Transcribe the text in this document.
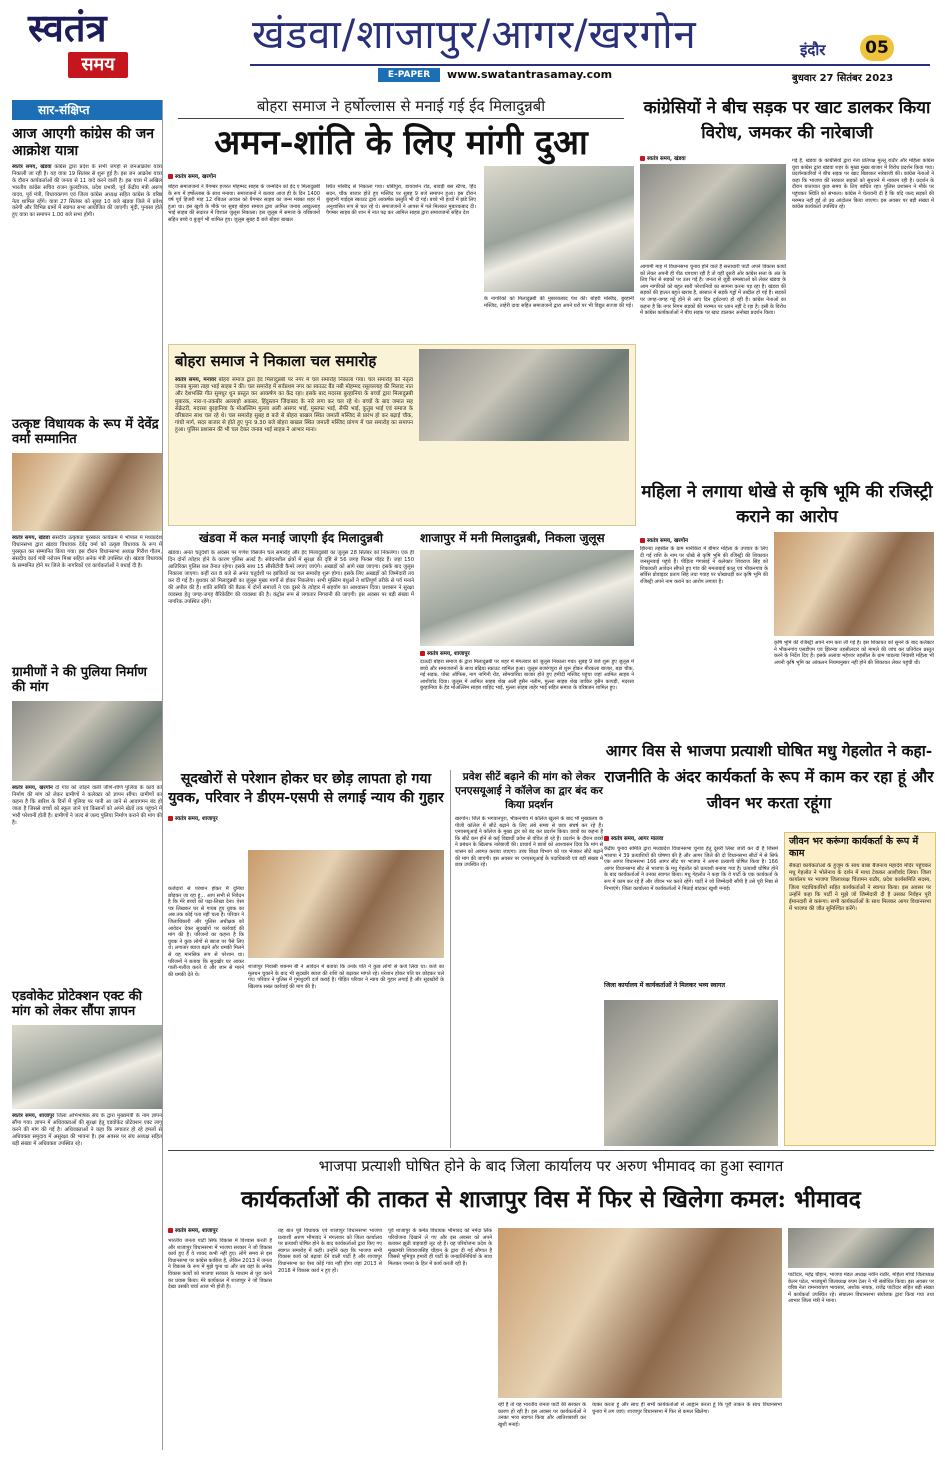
स्वतंत्र
समय
खंडवा/शाजापुर/आगर/खरगोन
E-PAPER	www.swatantrasamay.com
इंदौर	05
बुधवार 27 सितंबर 2023
सार-संक्षिप्त
आज आएगी कांग्रेस की जन आक्रोश यात्रा
स्वतंत्र समय, खंडवा कांग्रेस द्वारा प्रदेश के सभी जगहों से जनआक्रोश यात्रा निकाली जा रही है। यह यात्रा 19 सितंबर से शुरू हुई है। इस जन आक्रोश यात्रा के दौरान कार्यकर्ताओं की जनता से 11 वादे करने वाली है। इस यात्रा में अखिल भारतीय कांग्रेस सचिव राजन कुलदीपक, प्रदेश प्रभारी, पूर्व केंद्रीय मंत्री अरुण यादव, पूर्व मंत्री, विधायकगण एवं जिला कांग्रेस अध्यक्ष सहित कांग्रेस के वरिष्ठ नेता शामिल रहेंगे। यात्रा 27 सितंबर को सुबह 10 बजे खंडवा जिले में प्रवेश करेगी और विभिन्न ग्रामों में स्वागत सभा आयोजित की जाएगी। मूंदी, पुनासा होते हुए यात्रा का समापन 1.00 बजे सभा होगी।
उत्कृष्ट विधायक के रूप में देवेंद्र वर्मा सम्मानित
स्वतंत्र समय, खंडवा संसदीय उत्कृष्टता पुरस्कार कार्यक्रम में भोपाल में मध्यप्रदेश विधानसभा द्वारा खंडवा विधायक देवेंद्र वर्मा को उत्कृष्ट विधायक के रूप में पुरस्कृत कर सम्मानित किया गया। इस दौरान विधानसभा अध्यक्ष गिरीश गौतम, संसदीय कार्य मंत्री नरोत्तम मिश्रा सहित अनेक मंत्री उपस्थित रहे। खंडवा विधायक के सम्मानित होने पर जिले के नागरिकों एवं कार्यकर्ताओं ने बधाई दी है।
ग्रामीणों ने की पुलिया निर्माण की मांग
स्वतंत्र समय, खरगोन दो गांव को जोड़ने वाली जीर्ण-शीर्ण पुलिया के कार्य को निर्माण की मांग को लेकर ग्रामीणों ने कलेक्टर को ज्ञापन सौंपा। ग्रामीणों का कहना है कि बारिश के दिनों में पुलिया पर पानी आ जाने से आवागमन बंद हो जाता है जिससे बच्चों को स्कूल जाने एवं किसानों को अपने खेतों तक पहुंचने में भारी परेशानी होती है। ग्रामीणों ने जल्द से जल्द पुलिया निर्माण कराने की मांग की है।
एडवोकेट प्रोटेक्शन एक्ट की मांग को लेकर सौंपा ज्ञापन
स्वतंत्र समय, शाजापुर जिला अभिभाषक संघ के द्वारा मुख्यमंत्री के नाम ज्ञापन सौंपा गया। ज्ञापन में अधिवक्ताओं की सुरक्षा हेतु एडवोकेट प्रोटेक्शन एक्ट लागू करने की मांग की गई है। अधिवक्ताओं ने कहा कि लगातार हो रहे हमलों से अधिवक्ता समुदाय में असुरक्षा की भावना है। इस अवसर पर संघ अध्यक्ष सहित बड़ी संख्या में अधिवक्ता उपस्थित रहे।
बोहरा समाज ने हर्षोल्लास से मनाई गई ईद मिलादुन्नबी
अमन-शांति के लिए मांगी दुआ
स्वतंत्र समय, खरगोन
बोहरा समाजजनों ने पैगम्बर हजरत मोहम्मद साहब के जन्मदिन को ईद ए मिलादुन्नबी के रूप में हर्षोल्लास के साथ मनाया। समाजजनों ने बताया आज ही के दिन 1400 वर्ष पूर्व हिजरी माह 12 रबिउल अव्वल को पैगम्बर साहब का जन्म मक्का शहर में हुआ था। इस खुशी के मौके पर सुबह बोहरा समाज द्वारा आमिल जनाब अब्दुल्लाह भाई साहब की सदारत में विशाल जुलूस निकाला। इस जुलूस में समाज के वरिष्ठजनों सहित बच्चे व बुजुर्ग भी शामिल हुए। जुलूस सुबह 8 बजे बोहरा बाखल
स्थित मस्जिद से निकाला गया। धोबीपुरा, डायवर्शन रोड, बावड़ी बस स्टैण्ड, हिंद सदन, चौक बाजार होते हुए मस्जिद पर सुबह 9 बजे समापन हुआ। इस दौरान बुरहानी गाईड्स स्काउट द्वारा आकर्षक प्रस्तुति भी दी गई। बच्चे भी हाथों में झंडे लिए अनुशासित रूप से चल रहे थे। समाजजनों ने आपस में गले मिलकर मुबारकबाद दी। पैगम्बर साहब की शान में नात पढ़ कर आमिल साहब द्वारा समाजजनों सहित देश
के नागरिकों को मिलादुन्नबी की मुबारकबाद पेश की। बोहरी मस्जिद, बुरहानी मस्जिद, ताहेरी दावा सहित समाजजनों द्वारा अपने घरों पर भी विद्युत सज्जा की गई।
बोहरा समाज ने निकाला चल समारोह
स्वतंत्र समय, मनावर बोहरा समाज द्वारा ईद मिलादुन्नबी पर नगर में चल समारोह निकाला गया। चल समारोह की नेतृत्व जनाब मुल्ला ताहा भाई साहब ने की। चल समारोह में सर्वप्रथम नगर का स्काउट बैंड नबी मोहम्मद रसूलल्लाह की मिलाद नात और देशभक्ति गीत सुमधुर धुन प्रस्तुत कर आकर्षण का केंद्र रहा। इसके बाद मदरसा बुरहानिया के बच्चों द्वारा मिलादुन्नबी मुबारक, नारा-ए-तकबीर अल्लाहो अकबर, हिंदुस्तान जिंदाबाद के नारे लगा कर चल रहे थे। बच्चों के बाद जमात सह सेक्रेटरी, मदरसा बुरहानिया के मोअल्लिम मुल्ला अली असगर भाई, मुस्तफा भाई, सैफी भाई, कुतुब भाई एवं समाज के वरिष्ठजन साथ चल रहे थे। चल समारोह सुबह 8 बजे से बोहरा बाखल स्थित जमाती मस्जिद से प्रारंभ हो कर बढ़ाई चौक, गांधी मार्ग, सदर बाजार से होते हुए पुनः 9.30 बजे बोहरा बाखल स्थित जमाती मस्जिद प्रांगण में चल समारोह का समापन हुआ। पुलिस प्रशासन की भी चल देकर जनाब भाई साहब ने आभार माना।
खंडवा में कल मनाई जाएगी ईद मिलादुन्नबी
खंडवा। अनंत चतुर्दशी के अवसर पर गणेश विसर्जन चल समारोह और ईद मिलादुन्नबी का जुलूस 28 सितंबर को निकलेगा। एक ही दिन दोनों त्योहार होने के कारण पुलिस अलर्ट है। संवेदनशील क्षेत्रों में सुरक्षा की दृष्टि से 56 जगह फिक्स पॉइंट हैं। जहां 150 आतिरिक्त पुलिस बल तैनात रहेगा। इसके साथ 15 सीसीटीवी कैमरे लगाए जाएंगे। अखाड़ों को आगे रखा जाएगा। इसके बाद जुलूस निकाला जाएगा। कहीं रात 8 बजे से अनंत चतुर्दशी पर झांकियों का चल समारोह शुरू होगा। इसके लिए अखाड़ों को जिम्मेदारी तय कर दी गई है। बुधवार को मिलादुन्नबी का जुलूस मुख्य मार्गों से होकर निकलेगा। सभी मुस्लिम बंधुओं ने शांतिपूर्ण तरीके से पर्व मनाने की अपील की है। शांति समिति की बैठक में दोनों समाजों ने एक दूसरे के त्योहार में सहयोग का आश्वासन दिया। प्रशासन ने सुरक्षा व्यवस्था हेतु जगह-जगह बैरिकेडिंग की व्यवस्था की है। कंट्रोल रूम से लगातार निगरानी की जाएगी। इस अवसर पर बड़ी संख्या में नागरिक उपस्थित रहेंगे।
शाजापुर में मनी मिलादुन्नबी, निकला जुलूस
स्वतंत्र समय, शाजापुर
दाऊदी बोहरा समाज के द्वारा मिलादुन्नबी पर शहर में मंगलवार को जुलूस निकाला गया। सुबह 9 बजे शुरू हुए जुलूस में बच्चे और समाजजनों के साथ बढ़िया स्काउट शामिल हुआ। जुलूस बजरंगपुरा से शुरू होकर मीरकला बाजार, बड़ा चौक, नई सड़क, पोस्ट ऑफिस, नाग नागिनी रोड, सोमवारिया बाजार होते हुए हमीदी मस्जिद पहुंचा जहां आमिल साहब ने आशीर्वाद दिया। जुलूस में आमिल साहब शेख अली हुसैन नलीम, मुल्ला साहब शेख जाकिर हुसैन कापड़ी, मदरसा बुरहानिया के हेड मोअल्लिम साहब शाहिद भाई, मुल्ला साहब ताहेर भाई सहित समाज के वरिष्ठजन शामिल हुए।
सूदखोरों से परेशान होकर घर छोड़ लापता हो गया युवक, परिवार ने डीएम-एसपी से लगाई न्याय की गुहार
स्वतंत्र समय, शाजापुर
कर्जदारों से परेशान होकर मैं दुनिया छोड़कर जा रहा हूं... आप सभी से निवेदन है कि मेरे बच्चों को पढ़ा-लिखा देना। ऐसा पत्र लिखकर घर से गायब हुए युवक का अब तक कोई पता नहीं चला है। परिवार ने जिलाधिकारी और पुलिस अधीक्षक को आवेदन देकर सूदखोरों पर कार्रवाई की मांग की है। परिजनों का कहना है कि युवक ने कुछ लोगों से ब्याज पर पैसे लिए थे। लगातार ब्याज बढ़ने और धमकी मिलने से वह मानसिक रूप से परेशान था। परिजनों ने बताया कि सूदखोर घर आकर गाली-गलौज करते थे और जान से मारने की धमकी देते थे।
शाजापुर निवासी शबनम बी ने आवेदन में बताया कि उनके पति ने कुछ लोगों से कर्ज लिया था। कर्ज का मूलधन चुकाने के बाद भी सूदखोर ब्याज की राशि को बढ़ाकर मांगते रहे। परेशान होकर पति घर छोड़कर चले गए। परिवार ने पुलिस में गुमशुदगी दर्ज कराई है। पीड़ित परिवार ने न्याय की गुहार लगाई है और सूदखोरों के खिलाफ सख्त कार्रवाई की मांग की है।
प्रवेश सीटें बढ़ाने की मांग को लेकर एनएसयूआई ने कॉलेज का द्वार बंद कर किया प्रदर्शन
खरगोन। जिले के भगवानपुरा, भीकनगांव में कॉलेज खुलने के बाद भी मुख्यालय के पीजी कॉलेज में सीटें बढ़ाने के लिए लंबे समय से छात्र संघर्ष कर रहे हैं। एनएसयूआई ने कॉलेज के मुख्य द्वार को बंद कर प्रदर्शन किया। छात्रों का कहना है कि सीटें कम होने से कई विद्यार्थी प्रवेश से वंचित हो रहे हैं। प्रदर्शन के दौरान छात्रों ने प्रबंधन के खिलाफ नारेबाजी की। प्राचार्य ने छात्रों को आश्वासन दिया कि मांग से शासन को अवगत कराया जाएगा। उच्च शिक्षा विभाग को पत्र भेजकर सीटें बढ़ाने की मांग की जाएगी। इस अवसर पर एनएसयूआई के पदाधिकारी एवं बड़ी संख्या में छात्र उपस्थित रहे।
कांग्रेसियों ने बीच सड़क पर खाट डालकर किया विरोध, जमकर की नारेबाजी
स्वतंत्र समय, खंडवा
आगामी माह में विधानसभा चुनाव होने वाले हैं सत्ताधारी पार्टी अपने विकास कार्यों को लेकर अपनी ही पीठ थपथपा रही है तो वहीं दूसरी ओर कांग्रेस सत्ता के अंत के लिए फिर से सड़कों पर उतर गई है। जनता से जुड़ी समस्याओं को लेकर खंडवा के आम नागरिकों को बहुत सारी परेशानियों का सामना करना पड़ रहा है। खंडवा की सड़कों की हालत बहुत खराब है, बरसात में सड़कें गड्ढों में तब्दील हो गई हैं। सड़कों पर जगह-जगह गड्ढे होने से आए दिन दुर्घटनाएं हो रही हैं। कांग्रेस नेताओं का कहना है कि नगर निगम सड़कों की मरम्मत पर ध्यान नहीं दे रहा है। इसी के विरोध में कांग्रेस कार्यकर्ताओं ने बीच सड़क पर खाट डालकर अनोखा प्रदर्शन किया।
गई है, खंडवा के कांग्रेसियों द्वारा नेता प्रतिपक्ष मुल्लू राठौर और महिला कांग्रेस युवा कांग्रेस द्वारा खंडवा शहर के मुख्य मुख्य बाजार में विरोध प्रदर्शन किया गया। प्रदर्शनकारियों ने बीच सड़क पर खाट बिछाकर नारेबाजी की। कांग्रेस नेताओं ने कहा कि भाजपा की सरकार सड़कों को सुधारने में नाकाम रही है। प्रदर्शन के दौरान यातायात कुछ समय के लिए बाधित रहा। पुलिस प्रशासन ने मौके पर पहुंचकर स्थिति को संभाला। कांग्रेस ने चेतावनी दी है कि यदि जल्द सड़कों की मरम्मत नहीं हुई तो उग्र आंदोलन किया जाएगा। इस अवसर पर बड़ी संख्या में कांग्रेस कार्यकर्ता उपस्थित रहे।
महिला ने लगाया धोखे से कृषि भूमि की रजिस्ट्री कराने का आरोप
स्वतंत्र समय, खरगोन
झिरन्या तहसील के ग्राम मानीकेरा में बीमार महिला के उपचार के लिए दी गई राशि के नाम पर धोखे से कृषि भूमि की रजिस्ट्री की शिकायत जनसुनवाई पहुंचे हैं। पीड़िता गंगाबाई ने कलेक्टर शिवराज सिंह को शिकायती आवेदन सौंपते हुए गांव की ममताबाई कालू एवं भीकनगांव के सर्विस प्रोवाइडर प्रताप सिंह तथा गवाह पर धोखाधड़ी कर कृषि भूमि की रजिस्ट्री अपने नाम कराने का आरोप लगाया है।
कृषि भूमि की रजिस्ट्री अपने नाम करा ली गई है। इस शिकायत को सुनने के बाद कलेक्टर ने भीकनगांव एसडीएम एवं झिरन्या तहसीलदार को मामले की जांच कर प्रतिवेदन प्रस्तुत करने के निर्देश दिए हैं। इसके अलावा महेश्वर तहसील के ग्राम पाडल्या निवासी महिला भी अपनी कृषि भूमि का आंकलन नियमानुसार नहीं होने की शिकायत लेकर पहुंची थी।
आगर विस से भाजपा प्रत्याशी घोषित मधु गेहलोत ने कहा- राजनीति के अंदर कार्यकर्ता के रूप में काम कर रहा हूं और जीवन भर करता रहूंगा
स्वतंत्र समय, आगर मालवा
केंद्रीय चुनाव समिति द्वारा मध्यप्रदेश विधानसभा चुनाव हेतु दूसरी लिस्ट जारी कर दी है जिसमें भाजपा ने 39 प्रत्याशियों की घोषणा की है और आगर जिले की दो विधानसभा सीटों में से सिर्फ एक आगर विधानसभा 166 आगर सीट पर भाजपा ने अपना प्रत्याशी घोषित किया है। 166 आगर विधानसभा सीट से भाजपा के मधु गेहलोत को प्रत्याशी बनाया गया है। प्रत्याशी घोषित होने के बाद कार्यकर्ताओं ने उनका स्वागत किया। मधु गेहलोत ने कहा कि वे पार्टी के एक कार्यकर्ता के रूप में काम कर रहे हैं और जीवन भर करते रहेंगे। पार्टी ने जो जिम्मेदारी सौंपी है उसे पूरी निष्ठा से निभाएंगे। जिला कार्यालय में कार्यकर्ताओं ने मिठाई बांटकर खुशी मनाई।
जिला कार्यालय में कार्यकर्ताओं ने मिलकर भव्य स्वागत
जीवन भर करूंगा कार्यकर्ता के रूप में काम
सैकड़ों कार्यकर्ताओं के हुजूम के साथ बाबा बैजनाथ महादेव मंदिर पहुंचकर मधु गेहलोत ने भोलेनाथ के दर्शन में माथा टेककर आशीर्वाद लिया। जिला कार्यालय पर भाजपा जिलाध्यक्ष चिंतामन राठौर, प्रदेश कार्यसमिति सदस्य, जिला पदाधिकारियों सहित कार्यकर्ताओं ने स्वागत किया। इस अवसर पर उन्होंने कहा कि पार्टी ने मुझे जो जिम्मेदारी दी है उसका निर्वहन पूरी ईमानदारी से करूंगा। सभी कार्यकर्ताओं के साथ मिलकर आगर विधानसभा में भाजपा की जीत सुनिश्चित करेंगे।
भाजपा प्रत्याशी घोषित होने के बाद जिला कार्यालय पर अरुण भीमावद का हुआ स्वागत
कार्यकर्ताओं की ताकत से शाजापुर विस में फिर से खिलेगा कमल: भीमावद
स्वतंत्र समय, शाजापुर
भारतीय जनता पार्टी सिर्फ विकास में विश्वास करती है और शाजापुर विधानसभा में भाजपा सरकार ने जो विकास कार्य हुए हैं वे शायद कभी नहीं हुए। लोगे समय से इस विधानसभा पर कांग्रेस काबिज है, लेकिन 2013 में जनता ने विकास के रूप में मुझे चुना था और तब यहां के अनेक विकास कार्यों को भाजपा सरकार के माध्यम से पूरा करने का प्रयास किया। मेरे कार्यकाल में शाजापुर ने जो विकास देखा उसकी चर्चा आज भी होती है।
यह बात पूर्व विधायक एवं शाजापुर विधानसभा भाजपा प्रत्याशी अरुण भीमावद ने मंगलवार को जिला कार्यालय पर प्रत्याशी घोषित होने के बाद कार्यकर्ताओं द्वारा किए गए स्वागत समारोह में कही। उन्होंने कहा कि भाजपा सभी विकास कार्य को बढ़ावा देने वाली पार्टी है और शाजापुर विधानसभा का ऐसा कोई गांव नहीं होगा जहां 2013 से 2018 में विकास कार्य न हुए हों।
पूर्व शाजापुर के कर्मठ विधायक भीमावद को नर्मदा लिंक परियोजना दिखाने ले गए और इस अवसर को अपने बताकर झूठी वाहवाही लूट रहे हैं। यह परियोजना प्रदेश के मुख्यमंत्री शिवराजसिंह चौहान के द्वारा दी गई सौगात है जिससे भूमिपुत्र हमारी ही पार्टी के जनप्रतिनिधियों के साथ मिलकर जनता के हित में कार्य करती रही है।
रही है तो यह भारतीय जनता पार्टी की सरकार के कारण हो रही है। इस अवसर पर कार्यकर्ताओं ने उनका भव्य स्वागत किया और आतिशबाजी कर खुशी मनाई।
व्यक्त करता हूं और साथ ही सभी कार्यकर्ताओं से आह्वान करता हूं कि पूरी ताकत के साथ विधानसभा चुनाव में लग जाएं। शाजापुर विधानसभा में फिर से कमल खिलेगा।
पाटीदार, महेंद्र चौहान, भाजपा मंडल अध्यक्ष नवीन राठौर, महिला मोर्चा जिलाध्यक्ष केतन पटेल, भाजयुमो जिलाध्यक्ष रुपम टेलर ने भी संबोधित किया। इस अवसर पर वरिष्ठ नेता रामनारायण भावसार, अशोक नायक, राजेंद्र पाटीदार सहित बड़ी संख्या में कार्यकर्ता उपस्थित रहे। संचालन विधानसभा संयोजक द्वारा किया गया तथा आभार जिला मंत्री ने माना।
